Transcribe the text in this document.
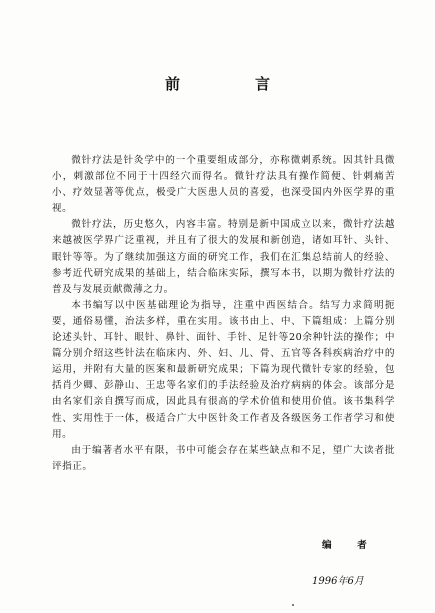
前　言

微针疗法是针灸学中的一个重要组成部分，亦称微刺系统。因其针具微小，刺激部位不同于十四经穴而得名。微针疗法具有操作简便、针刺痛苦小、疗效显著等优点，极受广大医患人员的喜爱，也深受国内外医学界的重视。

微针疗法，历史悠久，内容丰富。特别是新中国成立以来，微针疗法越来越被医学界广泛重视，并且有了很大的发展和新创造，诸如耳针、头针、眼针等等。为了继续加强这方面的研究工作，我们在汇集总结前人的经验、参考近代研究成果的基础上，结合临床实际，撰写本书，以期为微针疗法的普及与发展贡献微薄之力。

本书编写以中医基础理论为指导，注重中西医结合。结写力求简明扼要，通俗易懂，治法多样，重在实用。该书由上、中、下篇组成：上篇分别论述头针、耳针、眼针、鼻针、面针、手针、足针等20余种针法的操作；中篇分别介绍这些针法在临床内、外、妇、儿、骨、五官等各科疾病治疗中的运用，并附有大量的医案和最新研究成果；下篇为现代微针专家的经验，包括肖少卿、彭静山、王忠等名家们的手法经验及治疗病病的体会。该部分是由名家们亲自撰写而成，因此具有很高的学术价值和使用价值。该书集科学性、实用性于一体，极适合广大中医针灸工作者及各级医务工作者学习和使用。

由于编著者水平有限，书中可能会存在某些缺点和不足，望广大读者批评指正。

编　者
1996年6月
